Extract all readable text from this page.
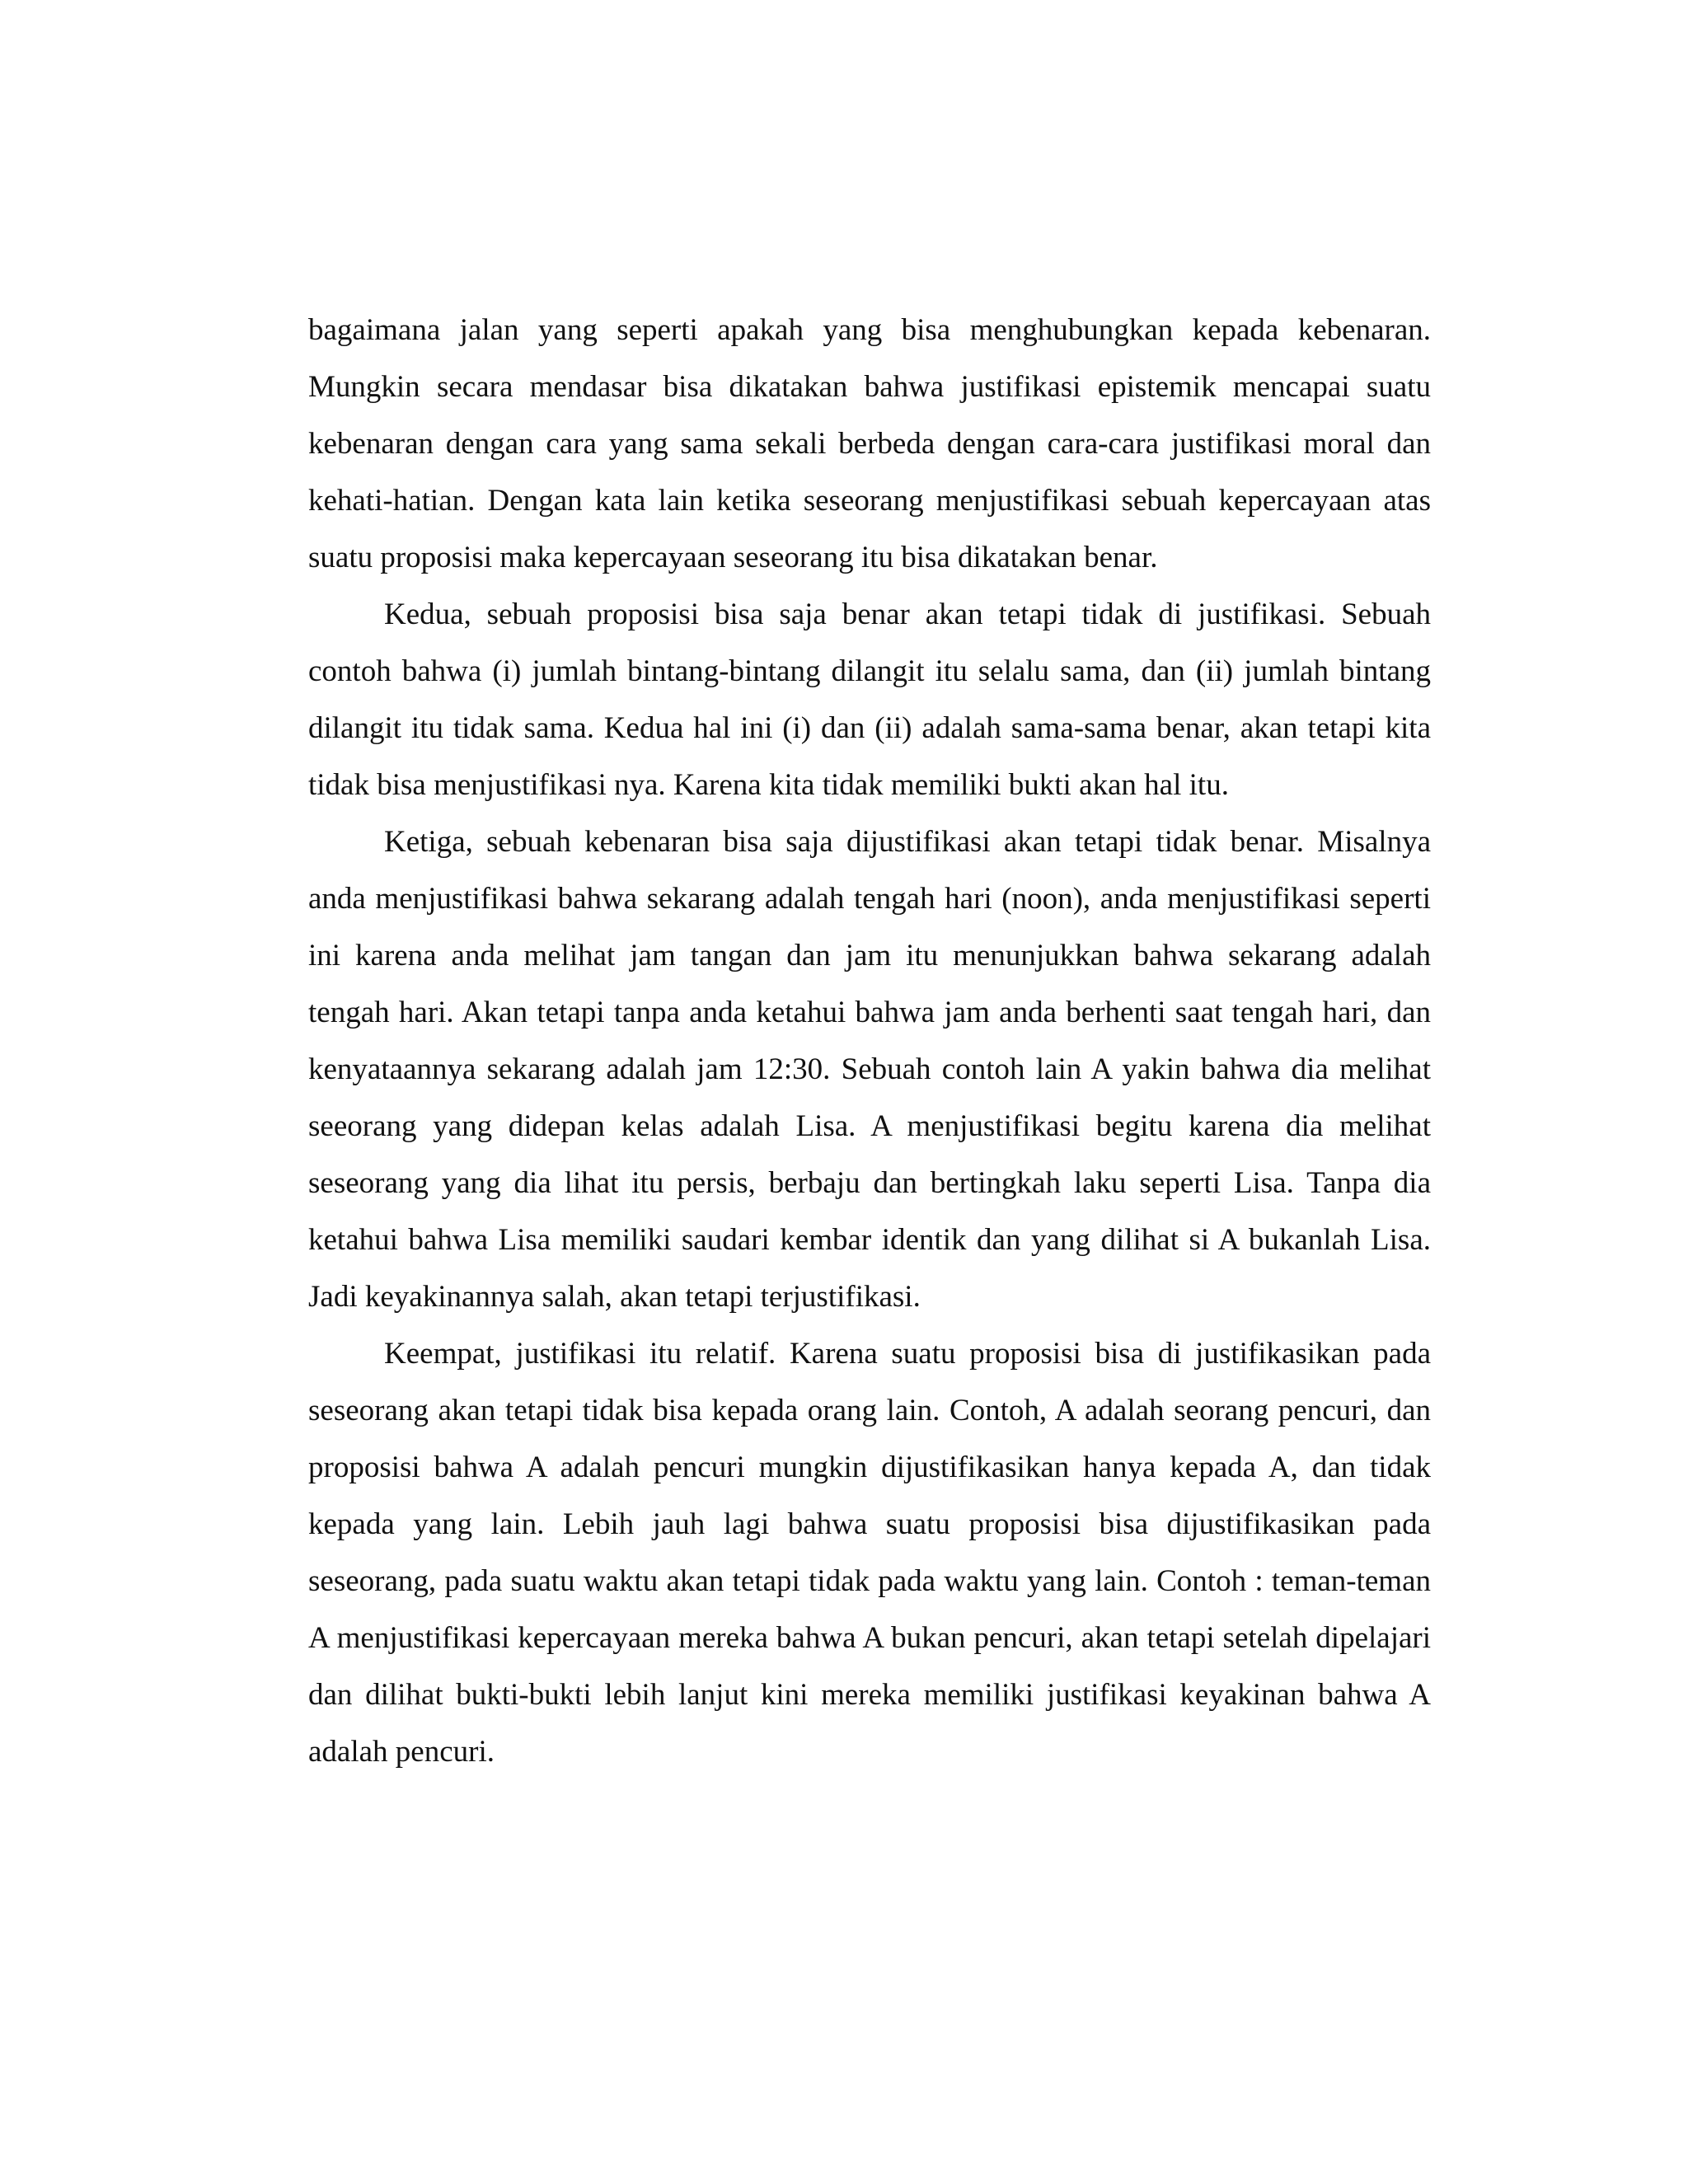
bagaimana jalan yang seperti apakah yang bisa menghubungkan kepada kebenaran. Mungkin secara mendasar bisa dikatakan bahwa justifikasi epistemik mencapai suatu kebenaran dengan cara yang sama sekali berbeda dengan cara-cara justifikasi moral dan kehati-hatian. Dengan kata lain ketika seseorang menjustifikasi sebuah kepercayaan atas suatu proposisi maka kepercayaan seseorang itu bisa dikatakan benar.

Kedua, sebuah proposisi bisa saja benar akan tetapi tidak di justifikasi. Sebuah contoh bahwa (i) jumlah bintang-bintang dilangit itu selalu sama, dan (ii) jumlah bintang dilangit itu tidak sama. Kedua hal ini (i) dan (ii) adalah sama-sama benar, akan tetapi kita tidak bisa menjustifikasi nya. Karena kita tidak memiliki bukti akan hal itu.

Ketiga, sebuah kebenaran bisa saja dijustifikasi akan tetapi tidak benar. Misalnya anda menjustifikasi bahwa sekarang adalah tengah hari (noon), anda menjustifikasi seperti ini karena anda melihat jam tangan dan jam itu menunjukkan bahwa sekarang adalah tengah hari. Akan tetapi tanpa anda ketahui bahwa jam anda berhenti saat tengah hari, dan kenyataannya sekarang adalah jam 12:30. Sebuah contoh lain A yakin bahwa dia melihat seeorang yang didepan kelas adalah Lisa. A menjustifikasi begitu karena dia melihat seseorang yang dia lihat itu persis, berbaju dan bertingkah laku seperti Lisa. Tanpa dia ketahui bahwa Lisa memiliki saudari kembar identik dan yang dilihat si A bukanlah Lisa. Jadi keyakinannya salah, akan tetapi terjustifikasi.

Keempat, justifikasi itu relatif. Karena suatu proposisi bisa di justifikasikan pada seseorang akan tetapi tidak bisa kepada orang lain. Contoh, A adalah seorang pencuri, dan proposisi bahwa A adalah pencuri mungkin dijustifikasikan hanya kepada A, dan tidak kepada yang lain. Lebih jauh lagi bahwa suatu proposisi bisa dijustifikasikan pada seseorang, pada suatu waktu akan tetapi tidak pada waktu yang lain. Contoh : teman-teman A menjustifikasi kepercayaan mereka bahwa A bukan pencuri, akan tetapi setelah dipelajari dan dilihat bukti-bukti lebih lanjut kini mereka memiliki justifikasi keyakinan bahwa A adalah pencuri.
